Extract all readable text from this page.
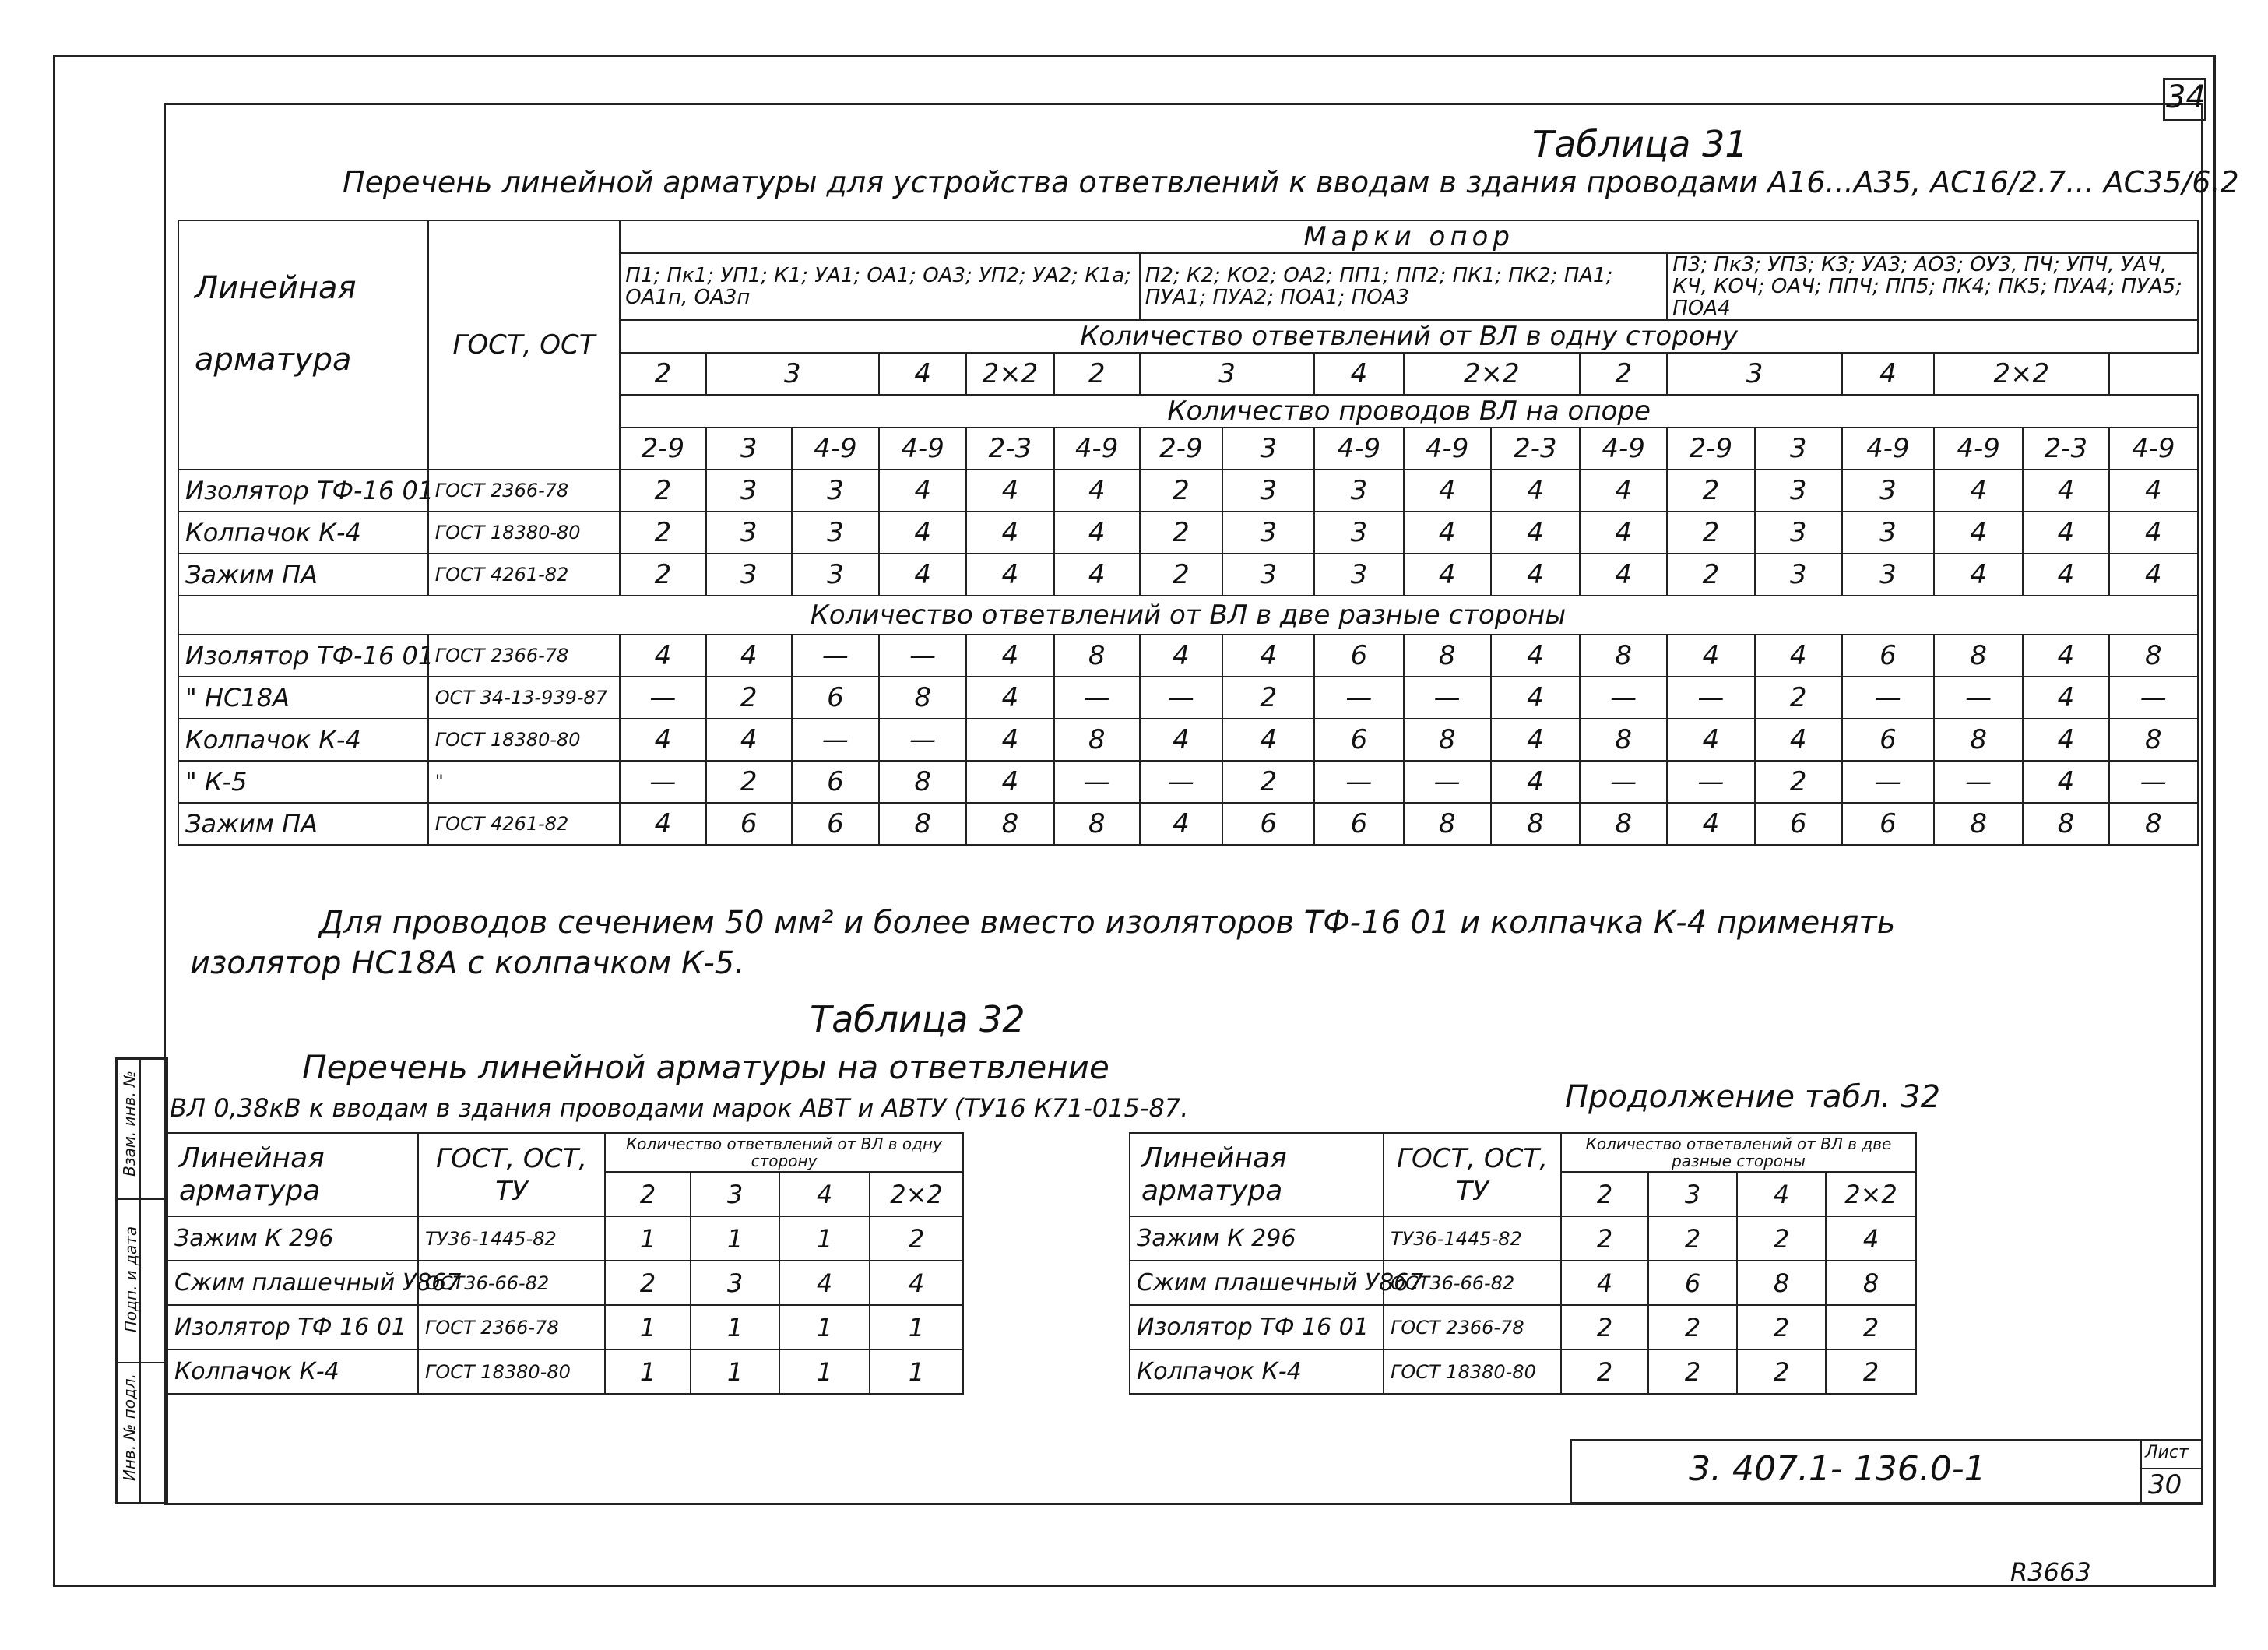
34
Взам. инв. №
Подп. и дата
Инв. № подл.
Таблица 31
Перечень линейной арматуры для устройства ответвлений к вводам в здания проводами А16...А35, АС16/2.7... АС35/6.2
Линейная арматура	ГОСТ, ОСТ	Марки опор																	
		П1; Пк1; УП1; К1; УА1; ОА1; ОА3; УП2; УА2; К1а; ОА1п, ОА3п						П2; К2; КО2; ОА2; ПП1; ПП2; ПК1; ПК2; ПА1; ПУА1; ПУА2; ПОА1; ПОА3						П3; Пк3; УП3; К3; УА3; АО3; ОУ3, ПЧ; УПЧ, УАЧ, КЧ, КОЧ; ОАЧ; ППЧ; ПП5; ПК4; ПК5; ПУА4; ПУА5; ПОА4					
		Количество ответвлений от ВЛ в одну сторону																	
		2	3		4	2×2	2	3		4	2×2		2	3		4	2×2		
		Количество проводов ВЛ на опоре																	
		2-9	3	4-9	4-9	2-3	4-9	2-9	3	4-9	4-9	2-3	4-9	2-9	3	4-9	4-9	2-3	4-9
Изолятор ТФ-16 01	ГОСТ 2366-78	2	3	3	4	4	4	2	3	3	4	4	4	2	3	3	4	4	4
Колпачок К-4	ГОСТ 18380-80	2	3	3	4	4	4	2	3	3	4	4	4	2	3	3	4	4	4
Зажим ПА	ГОСТ 4261-82	2	3	3	4	4	4	2	3	3	4	4	4	2	3	3	4	4	4
Количество ответвлений от ВЛ в две разные стороны																			
Изолятор ТФ-16 01	ГОСТ 2366-78	4	4	—	—	4	8	4	4	6	8	4	8	4	4	6	8	4	8
" НС18А	ОСТ 34-13-939-87	—	2	6	8	4	—	—	2	—	—	4	—	—	2	—	—	4	—
Колпачок К-4	ГОСТ 18380-80	4	4	—	—	4	8	4	4	6	8	4	8	4	4	6	8	4	8
" К-5	"	—	2	6	8	4	—	—	2	—	—	4	—	—	2	—	—	4	—
Зажим ПА	ГОСТ 4261-82	4	6	6	8	8	8	4	6	6	8	8	8	4	6	6	8	8	8
Для проводов сечением 50 мм² и более вместо изоляторов ТФ-16 01 и колпачка К-4 применять
изолятор НС18А с колпачком К-5.
Таблица 32
Перечень линейной арматуры на ответвление
ВЛ 0,38кВ к вводам в здания проводами марок АВТ и АВТУ (ТУ16 К71-015-87.	Продолжение табл. 32
Линейная арматура	ГОСТ, ОСТ, ТУ	Количество ответвлений от ВЛ в одну сторону			
		2	3	4	2×2
Зажим К 296	ТУ36-1445-82	1	1	1	2
Сжим плашечный У867	ОСТ36-66-82	2	3	4	4
Изолятор ТФ 16 01	ГОСТ 2366-78	1	1	1	1
Колпачок К-4	ГОСТ 18380-80	1	1	1	1
Линейная арматура	ГОСТ, ОСТ, ТУ	Количество ответвлений от ВЛ в две разные стороны			
		2	3	4	2×2
Зажим К 296	ТУ36-1445-82	2	2	2	4
Сжим плашечный У867	ОСТ36-66-82	4	6	8	8
Изолятор ТФ 16 01	ГОСТ 2366-78	2	2	2	2
Колпачок К-4	ГОСТ 18380-80	2	2	2	2
3. 407.1- 136.0-1	Лист
30
R3663
